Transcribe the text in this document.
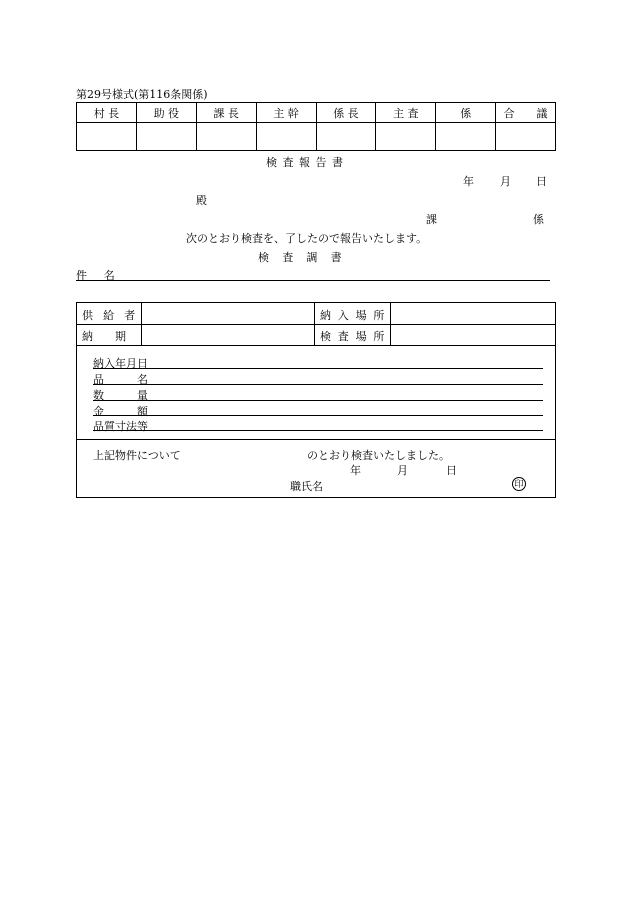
第29号様式(第116条関係)
村 長	助 役	課 長	主 幹	係 長	主 査	係	合　　議

検査報告書
年 月 日
殿
課	係
次のとおり検査を、了したので報告いたします。
検査調書
件 名
供 給 者	納 入 場 所
納　　期	検 査 場 所
納入年月日
品　　　名
数　　　量
金　　　額
品質寸法等
上記物件について	のとおり検査いたしました。
年	月	日
職氏名	印
